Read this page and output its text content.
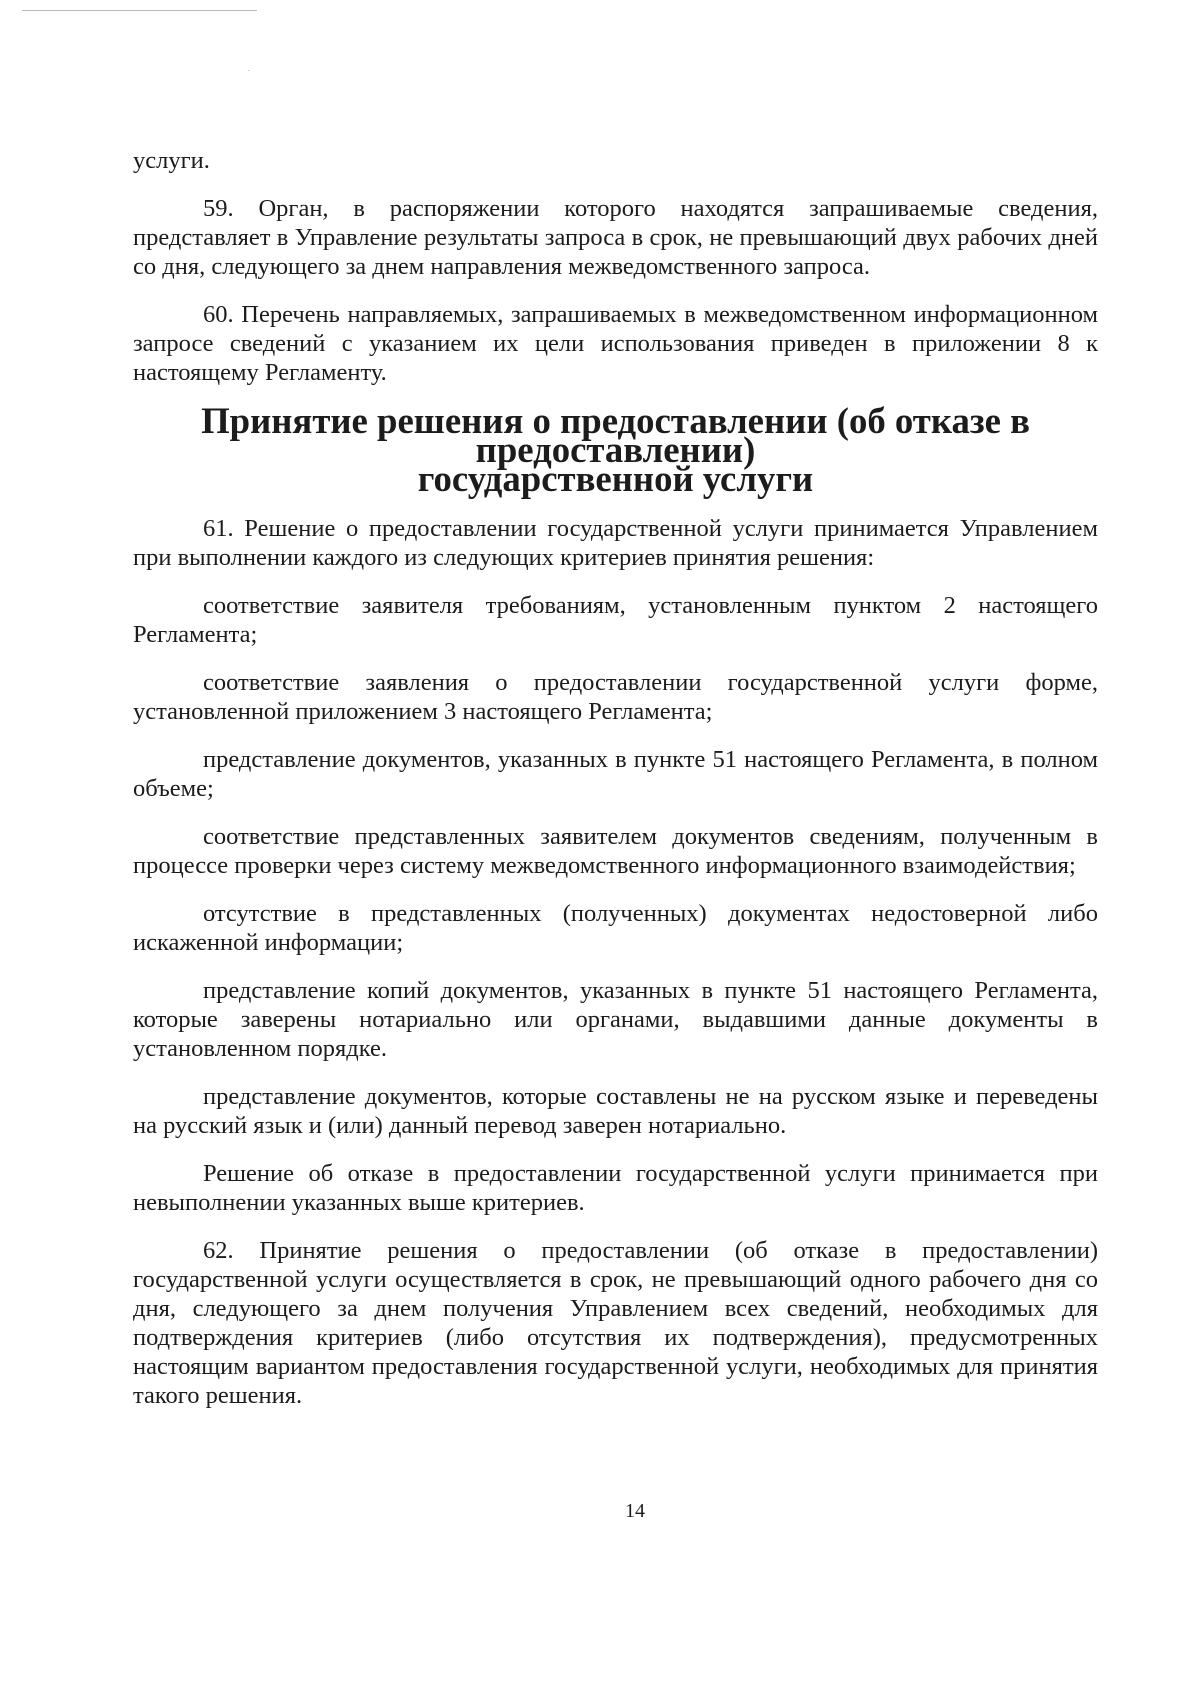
услуги.

59. Орган, в распоряжении которого находятся запрашиваемые сведения, представляет в Управление результаты запроса в срок, не превышающий двух рабочих дней со дня, следующего за днем направления межведомственного запроса.

60. Перечень направляемых, запрашиваемых в межведомственном информационном запросе сведений с указанием их цели использования приведен в приложении 8 к настоящему Регламенту.

Принятие решения о предоставлении (об отказе в предоставлении)
государственной услуги

61. Решение о предоставлении государственной услуги принимается Управлением при выполнении каждого из следующих критериев принятия решения:

соответствие заявителя требованиям, установленным пунктом 2 настоящего Регламента;

соответствие заявления о предоставлении государственной услуги форме, установленной приложением 3 настоящего Регламента;

представление документов, указанных в пункте 51 настоящего Регламента, в полном объеме;

соответствие представленных заявителем документов сведениям, полученным в процессе проверки через систему межведомственного информационного взаимодействия;

отсутствие в представленных (полученных) документах недостоверной либо искаженной информации;

представление копий документов, указанных в пункте 51 настоящего Регламента, которые заверены нотариально или органами, выдавшими данные документы в установленном порядке.

представление документов, которые составлены не на русском языке и переведены на русский язык и (или) данный перевод заверен нотариально.

Решение об отказе в предоставлении государственной услуги принимается при невыполнении указанных выше критериев.

62. Принятие решения о предоставлении (об отказе в предоставлении) государственной услуги осуществляется в срок, не превышающий одного рабочего дня со дня, следующего за днем получения Управлением всех сведений, необходимых для подтверждения критериев (либо отсутствия их подтверждения), предусмотренных настоящим вариантом предоставления государственной услуги, необходимых для принятия такого решения.

14
